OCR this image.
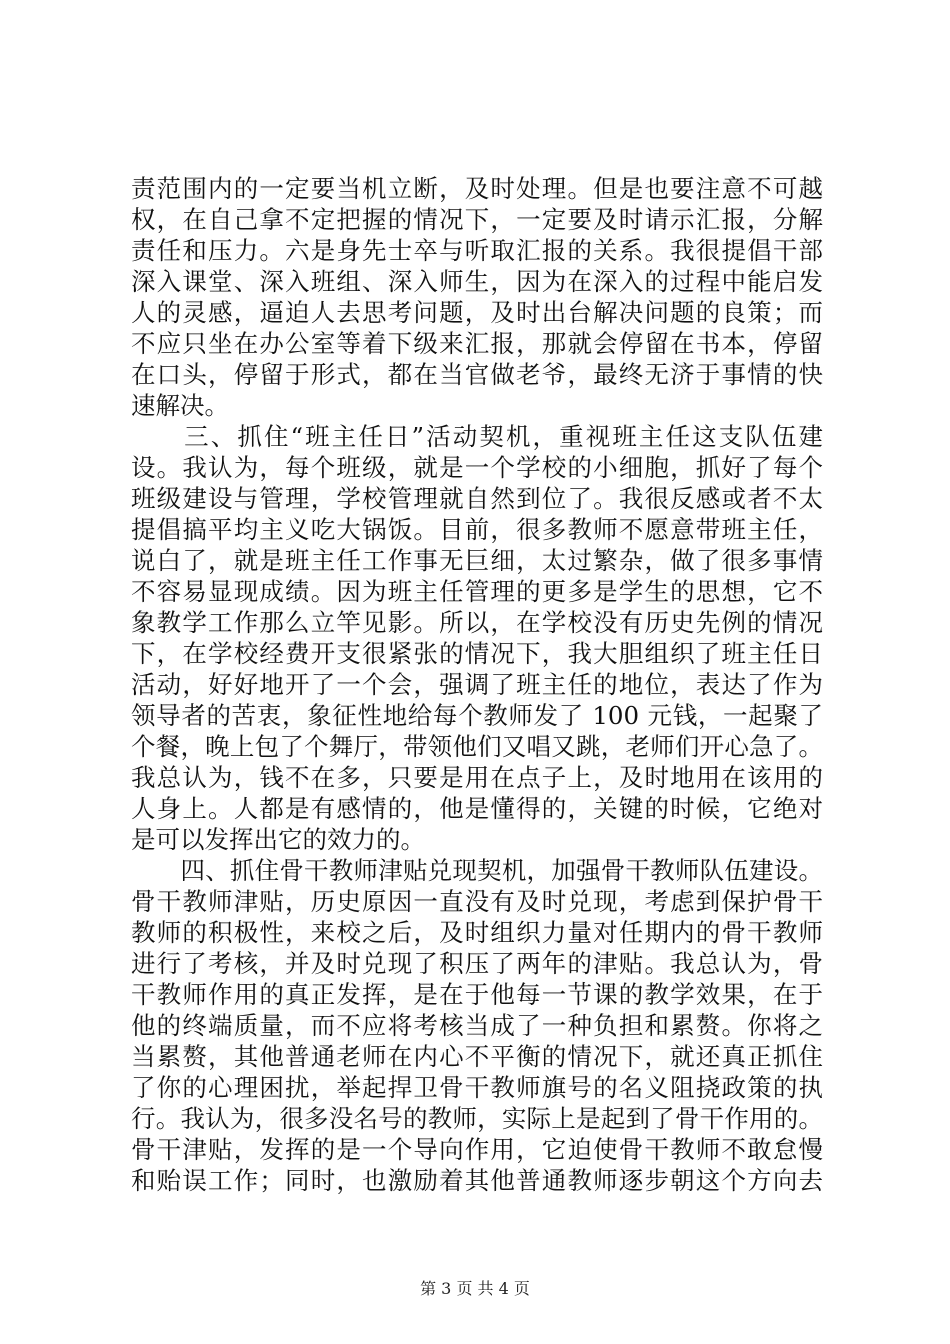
责范围内的一定要当机立断，及时处理。但是也要注意不可越
权，在自己拿不定把握的情况下，一定要及时请示汇报，分解
责任和压力。六是身先士卒与听取汇报的关系。我很提倡干部
深入课堂、深入班组、深入师生，因为在深入的过程中能启发
人的灵感，逼迫人去思考问题，及时出台解决问题的良策；而
不应只坐在办公室等着下级来汇报，那就会停留在书本，停留
在口头，停留于形式，都在当官做老爷，最终无济于事情的快
速解决。
　　三、抓住“班主任日”活动契机，重视班主任这支队伍建
设。我认为，每个班级，就是一个学校的小细胞，抓好了每个
班级建设与管理，学校管理就自然到位了。我很反感或者不太
提倡搞平均主义吃大锅饭。目前，很多教师不愿意带班主任，
说白了，就是班主任工作事无巨细，太过繁杂，做了很多事情
不容易显现成绩。因为班主任管理的更多是学生的思想，它不
象教学工作那么立竿见影。所以，在学校没有历史先例的情况
下，在学校经费开支很紧张的情况下，我大胆组织了班主任日
活动，好好地开了一个会，强调了班主任的地位，表达了作为
领导者的苦衷，象征性地给每个教师发了 100 元钱，一起聚了
个餐，晚上包了个舞厅，带领他们又唱又跳，老师们开心急了。
我总认为，钱不在多，只要是用在点子上，及时地用在该用的
人身上。人都是有感情的，他是懂得的，关键的时候，它绝对
是可以发挥出它的效力的。
　　四、抓住骨干教师津贴兑现契机，加强骨干教师队伍建设。
骨干教师津贴，历史原因一直没有及时兑现，考虑到保护骨干
教师的积极性，来校之后，及时组织力量对任期内的骨干教师
进行了考核，并及时兑现了积压了两年的津贴。我总认为，骨
干教师作用的真正发挥，是在于他每一节课的教学效果，在于
他的终端质量，而不应将考核当成了一种负担和累赘。你将之
当累赘，其他普通老师在内心不平衡的情况下，就还真正抓住
了你的心理困扰，举起捍卫骨干教师旗号的名义阻挠政策的执
行。我认为，很多没名号的教师，实际上是起到了骨干作用的。
骨干津贴，发挥的是一个导向作用，它迫使骨干教师不敢怠慢
和贻误工作；同时，也激励着其他普通教师逐步朝这个方向去
第 3 页 共 4 页
